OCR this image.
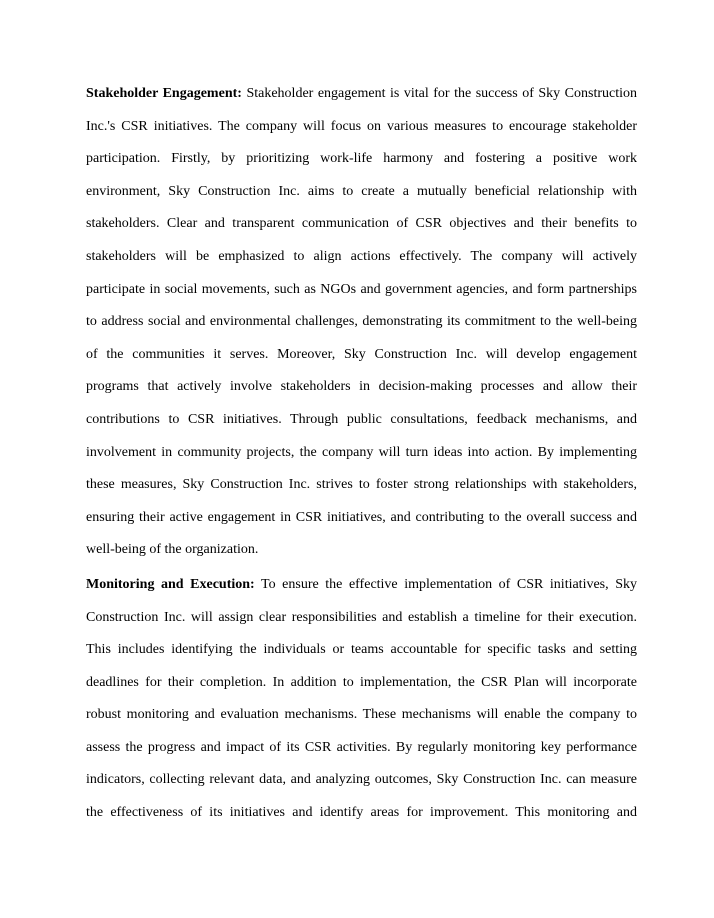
Stakeholder Engagement: Stakeholder engagement is vital for the success of Sky Construction
Inc.'s CSR initiatives. The company will focus on various measures to encourage stakeholder
participation. Firstly, by prioritizing work-life harmony and fostering a positive work
environment, Sky Construction Inc. aims to create a mutually beneficial relationship with
stakeholders. Clear and transparent communication of CSR objectives and their benefits to
stakeholders will be emphasized to align actions effectively. The company will actively
participate in social movements, such as NGOs and government agencies, and form partnerships
to address social and environmental challenges, demonstrating its commitment to the well-being
of the communities it serves. Moreover, Sky Construction Inc. will develop engagement
programs that actively involve stakeholders in decision-making processes and allow their
contributions to CSR initiatives. Through public consultations, feedback mechanisms, and
involvement in community projects, the company will turn ideas into action. By implementing
these measures, Sky Construction Inc. strives to foster strong relationships with stakeholders,
ensuring their active engagement in CSR initiatives, and contributing to the overall success and
well-being of the organization.
Monitoring and Execution: To ensure the effective implementation of CSR initiatives, Sky
Construction Inc. will assign clear responsibilities and establish a timeline for their execution.
This includes identifying the individuals or teams accountable for specific tasks and setting
deadlines for their completion. In addition to implementation, the CSR Plan will incorporate
robust monitoring and evaluation mechanisms. These mechanisms will enable the company to
assess the progress and impact of its CSR activities. By regularly monitoring key performance
indicators, collecting relevant data, and analyzing outcomes, Sky Construction Inc. can measure
the effectiveness of its initiatives and identify areas for improvement. This monitoring and
